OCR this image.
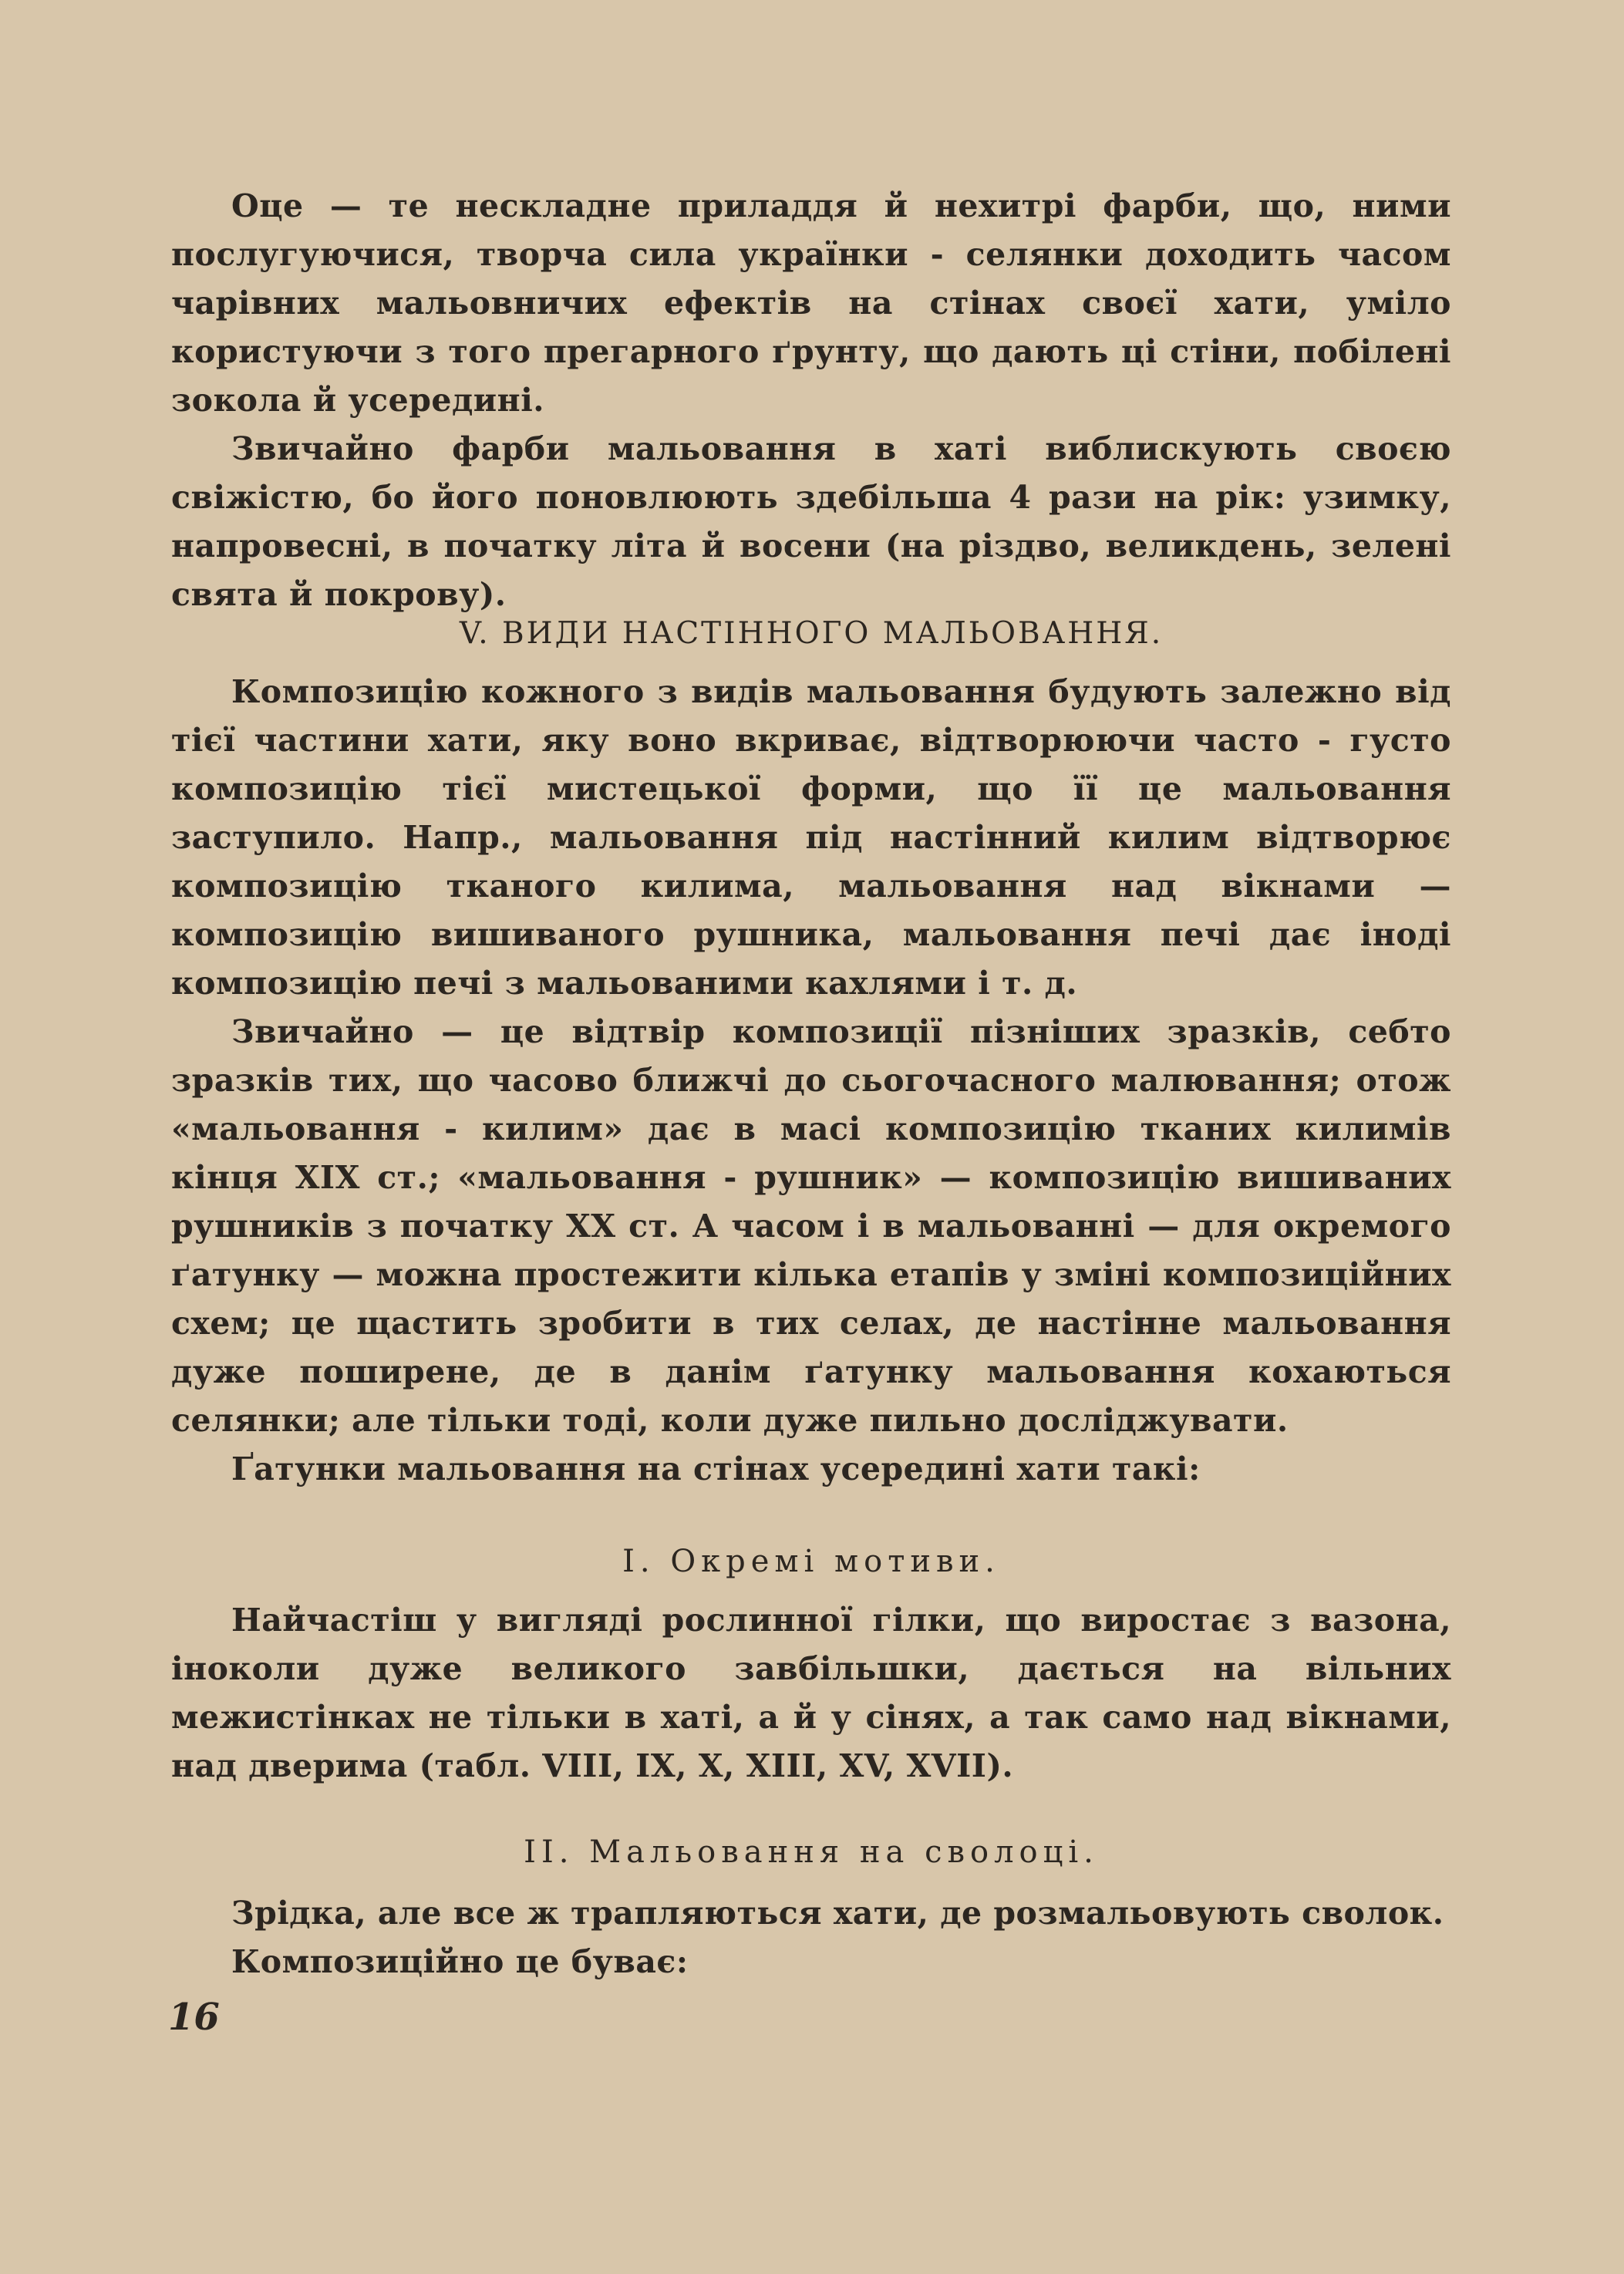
Оце — те нескладне приладдя й нехитрі фарби, що, ними послугуючися, творча сила українки - селянки доходить часом чарівних мальовничих ефектів на стінах своєї хати, уміло користуючи з того прегарного ґрунту, що дають ці стіни, побілені зокола й усередині.

Звичайно фарби мальовання в хаті виблискують своєю свіжістю, бо його поновлюють здебільша 4 рази на рік: узимку, напровесні, в початку літа й восени (на різдво, великдень, зелені свята й покрову).

V. ВИДИ НАСТІННОГО МАЛЬОВАННЯ.

Композицію кожного з видів мальовання будують залежно від тієї частини хати, яку воно вкриває, відтворюючи часто - густо композицію тієї мистецької форми, що її це мальовання заступило. Напр., мальовання під настінний килим відтворює композицію тканого килима, мальовання над вікнами — композицію вишиваного рушника, мальовання печі дає іноді композицію печі з мальованими кахлями і т. д.

Звичайно — це відтвір композиції пізніших зразків, себто зразків тих, що часово ближчі до сьогочасного малювання; отож «мальовання - килим» дає в масі композицію тканих килимів кінця XIX ст.; «мальовання - рушник» — композицію вишиваних рушників з початку XX ст. А часом і в мальованні — для окремого ґатунку — можна простежити кілька етапів у зміні композиційних схем; це щастить зробити в тих селах, де настінне мальовання дуже поширене, де в данім ґатунку мальовання кохаються селянки; але тільки тоді, коли дуже пильно досліджувати.

Ґатунки мальовання на стінах усередині хати такі:

I. Окремі мотиви.

Найчастіш у вигляді рослинної гілки, що виростає з вазона, іноколи дуже великого завбільшки, дається на вільних межистінках не тільки в хаті, а й у сінях, а так само над вікнами, над дверима (табл. VIII, IX, X, XIII, XV, XVII).

II. Мальовання на сволоці.

Зрідка, але все ж трапляються хати, де розмальовують сволок.

Композиційно це буває:

16
